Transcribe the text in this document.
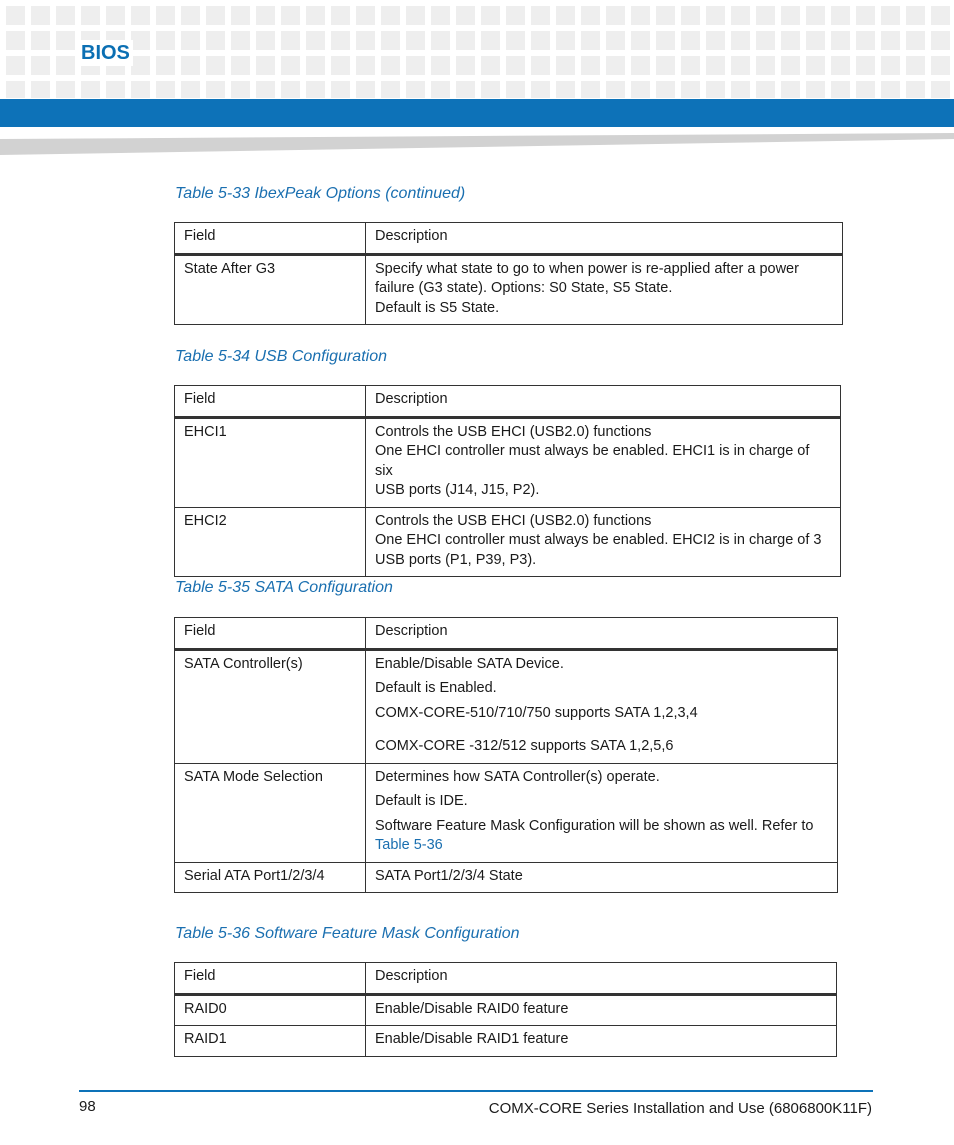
BIOS
Table 5-33 IbexPeak Options (continued)
Field	Description
State After G3	Specify what state to go to when power is re-applied after a power
failure (G3 state). Options: S0 State, S5 State.
Default is S5 State.
Table 5-34 USB Configuration
Field	Description
EHCI1	Controls the USB EHCI (USB2.0) functions
One EHCI controller must always be enabled. EHCI1 is in charge of six
USB ports (J14, J15, P2).

EHCI2	Controls the USB EHCI (USB2.0) functions
One EHCI controller must always be enabled. EHCI2 is in charge of 3
USB ports (P1, P39, P3).
Table 5-35 SATA Configuration
Field	Description
SATA Controller(s)	Enable/Disable SATA Device.
Default is Enabled.
COMX-CORE-510/710/750 supports SATA 1,2,3,4
COMX-CORE -312/512 supports SATA 1,2,5,6

SATA Mode Selection	Determines how SATA Controller(s) operate.
Default is IDE.
Software Feature Mask Configuration will be shown as well. Refer to
Table 5-36

Serial ATA Port1/2/3/4	SATA Port1/2/3/4 State
Table 5-36 Software Feature Mask Configuration
Field	Description
RAID0	Enable/Disable RAID0 feature

RAID1	Enable/Disable RAID1 feature
98	COMX-CORE Series Installation and Use (6806800K11F)
